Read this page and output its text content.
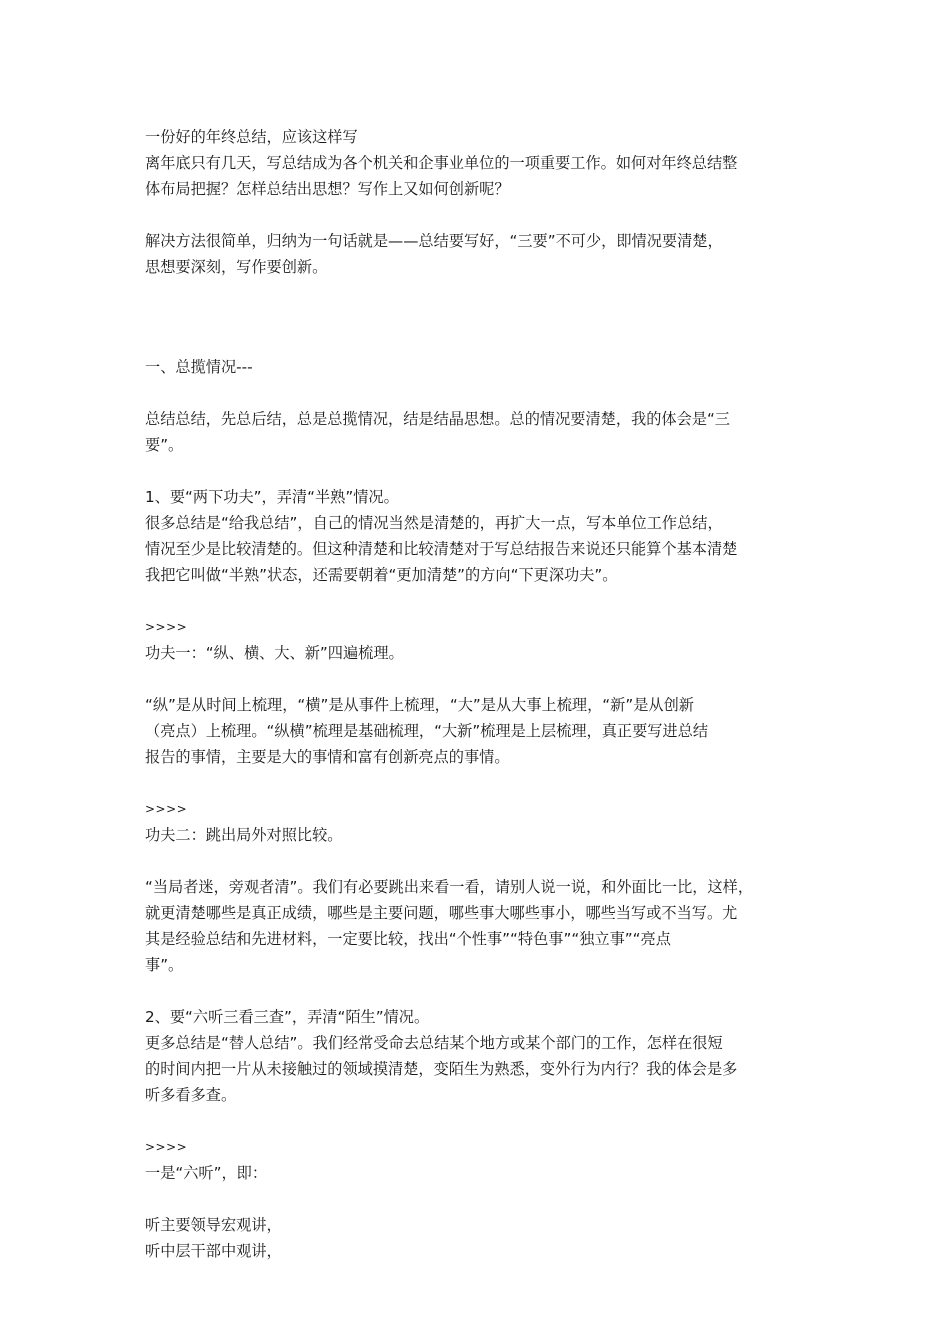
一份好的年终总结，应该这样写
离年底只有几天，写总结成为各个机关和企事业单位的一项重要工作。如何对年终总结整
体布局把握？怎样总结出思想？写作上又如何创新呢？
解决方法很简单，归纳为一句话就是——总结要写好，“三要”不可少，即情况要清楚，
思想要深刻，写作要创新。
一、总揽情况---
总结总结，先总后结，总是总揽情况，结是结晶思想。总的情况要清楚，我的体会是“三
要”。
1、要“两下功夫”，弄清“半熟”情况。
很多总结是“给我总结”，自己的情况当然是清楚的，再扩大一点，写本单位工作总结，
情况至少是比较清楚的。但这种清楚和比较清楚对于写总结报告来说还只能算个基本清楚
我把它叫做“半熟”状态，还需要朝着“更加清楚”的方向“下更深功夫”。
>>>>
功夫一：“纵、横、大、新”四遍梳理。
“纵”是从时间上梳理，“横”是从事件上梳理，“大”是从大事上梳理，“新”是从创新
（亮点）上梳理。“纵横”梳理是基础梳理，“大新”梳理是上层梳理，真正要写进总结
报告的事情，主要是大的事情和富有创新亮点的事情。
>>>>
功夫二：跳出局外对照比较。
“当局者迷，旁观者清”。我们有必要跳出来看一看，请别人说一说，和外面比一比，这样，
就更清楚哪些是真正成绩，哪些是主要问题，哪些事大哪些事小，哪些当写或不当写。尤
其是经验总结和先进材料，一定要比较，找出“个性事”“特色事”“独立事”“亮点
事”。
2、要“六听三看三查”，弄清“陌生”情况。
更多总结是“替人总结”。我们经常受命去总结某个地方或某个部门的工作，怎样在很短
的时间内把一片从未接触过的领域摸清楚，变陌生为熟悉，变外行为内行？我的体会是多
听多看多查。
>>>>
一是“六听”，即：
听主要领导宏观讲，
听中层干部中观讲，
